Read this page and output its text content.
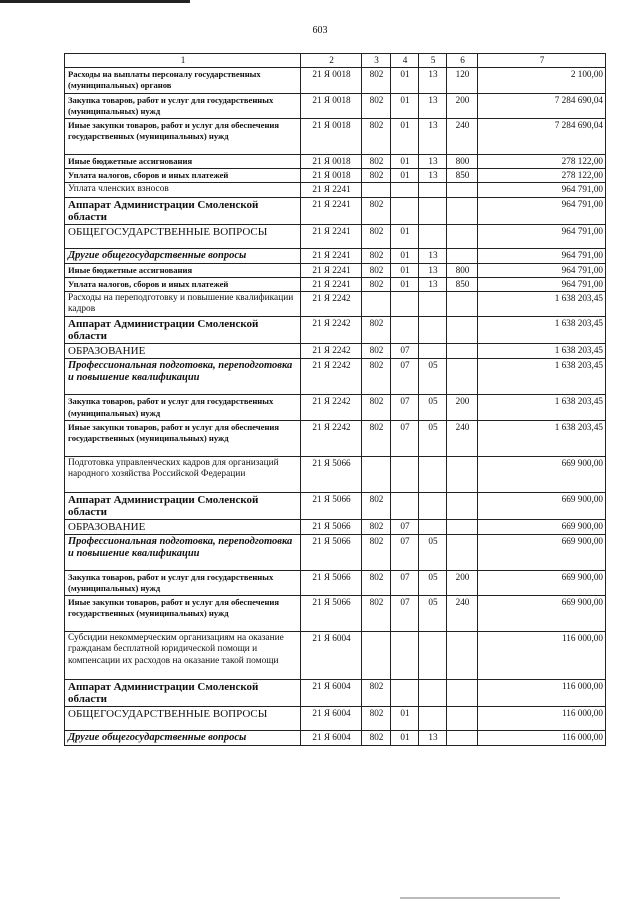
603
1	2	3	4	5	6	7
Расходы на выплаты персоналу государственных (муниципальных) органов	21 Я 0018	802	01	13	120	2 100,00
Закупка товаров, работ и услуг для государственных (муниципальных) нужд	21 Я 0018	802	01	13	200	7 284 690,04
Иные закупки товаров, работ и услуг для обеспечения государственных (муниципальных) нужд	21 Я 0018	802	01	13	240	7 284 690,04
Иные бюджетные ассигнования	21 Я 0018	802	01	13	800	278 122,00
Уплата налогов, сборов и иных платежей	21 Я 0018	802	01	13	850	278 122,00
Уплата членских взносов	21 Я 2241					964 791,00
Аппарат Администрации Смоленской области	21 Я 2241	802				964 791,00
ОБЩЕГОСУДАРСТВЕННЫЕ ВОПРОСЫ	21 Я 2241	802	01			964 791,00
Другие общегосударственные вопросы	21 Я 2241	802	01	13		964 791,00
Иные бюджетные ассигнования	21 Я 2241	802	01	13	800	964 791,00
Уплата налогов, сборов и иных платежей	21 Я 2241	802	01	13	850	964 791,00
Расходы на переподготовку и повышение квалификации кадров	21 Я 2242					1 638 203,45
Аппарат Администрации Смоленской области	21 Я 2242	802				1 638 203,45
ОБРАЗОВАНИЕ	21 Я 2242	802	07			1 638 203,45
Профессиональная подготовка, переподготовка и повышение квалификации	21 Я 2242	802	07	05		1 638 203,45
Закупка товаров, работ и услуг для государственных (муниципальных) нужд	21 Я 2242	802	07	05	200	1 638 203,45
Иные закупки товаров, работ и услуг для обеспечения государственных (муниципальных) нужд	21 Я 2242	802	07	05	240	1 638 203,45
Подготовка управленческих кадров для организаций народного хозяйства Российской Федерации	21 Я 5066					669 900,00
Аппарат Администрации Смоленской области	21 Я 5066	802				669 900,00
ОБРАЗОВАНИЕ	21 Я 5066	802	07			669 900,00
Профессиональная подготовка, переподготовка и повышение квалификации	21 Я 5066	802	07	05		669 900,00
Закупка товаров, работ и услуг для государственных (муниципальных) нужд	21 Я 5066	802	07	05	200	669 900,00
Иные закупки товаров, работ и услуг для обеспечения государственных (муниципальных) нужд	21 Я 5066	802	07	05	240	669 900,00
Субсидии некоммерческим организациям на оказание гражданам бесплатной юридической помощи и компенсации их расходов на оказание такой помощи	21 Я 6004					116 000,00
Аппарат Администрации Смоленской области	21 Я 6004	802				116 000,00
ОБЩЕГОСУДАРСТВЕННЫЕ ВОПРОСЫ	21 Я 6004	802	01			116 000,00
Другие общегосударственные вопросы	21 Я 6004	802	01	13		116 000,00
